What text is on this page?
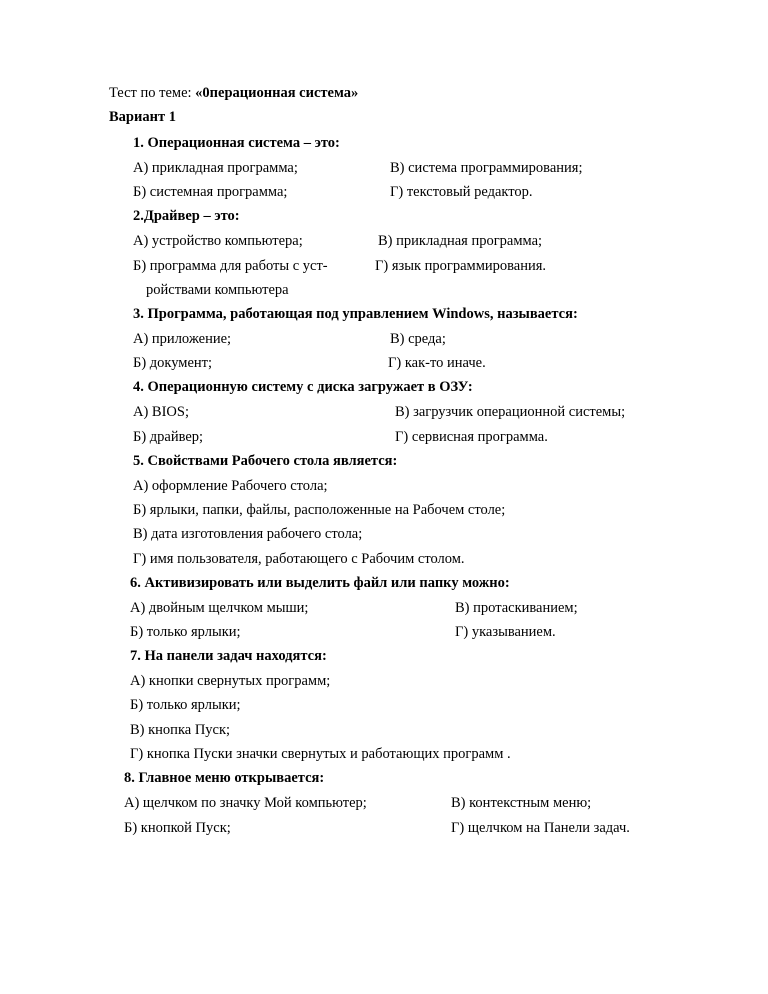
Тест по теме: «0перационная система»
Вариант 1
1. Операционная система – это:
А) прикладная программа;	В) система программирования;
Б) системная программа;	Г) текстовый редактор.
2.Драйвер – это:
А) устройство компьютера;	В) прикладная программа;
Б) программа для работы с уст-	Г) язык программирования.
ройствами компьютера
3. Программа, работающая под управлением Windows, называется:
А) приложение;	В) среда;
Б) документ;	Г) как-то иначе.
4. Операционную систему с диска загружает в ОЗУ:
А) BIOS;	В) загрузчик операционной системы;
Б) драйвер;	Г) сервисная программа.
5. Свойствами Рабочего стола является:
А) оформление Рабочего стола;
Б) ярлыки, папки, файлы, расположенные на Рабочем столе;
В) дата изготовления рабочего стола;
Г) имя пользователя, работающего с Рабочим столом.
6. Активизировать или выделить файл или папку можно:
А) двойным щелчком мыши;	В) протаскиванием;
Б) только ярлыки;	Г) указыванием.
7. На панели задач находятся:
А) кнопки свернутых программ;
Б) только ярлыки;
В) кнопка Пуск;
Г) кнопка Пуски значки свернутых и работающих программ .
8. Главное меню открывается:
А) щелчком по значку Мой компьютер;	В) контекстным меню;
Б) кнопкой Пуск;	Г) щелчком на Панели задач.
